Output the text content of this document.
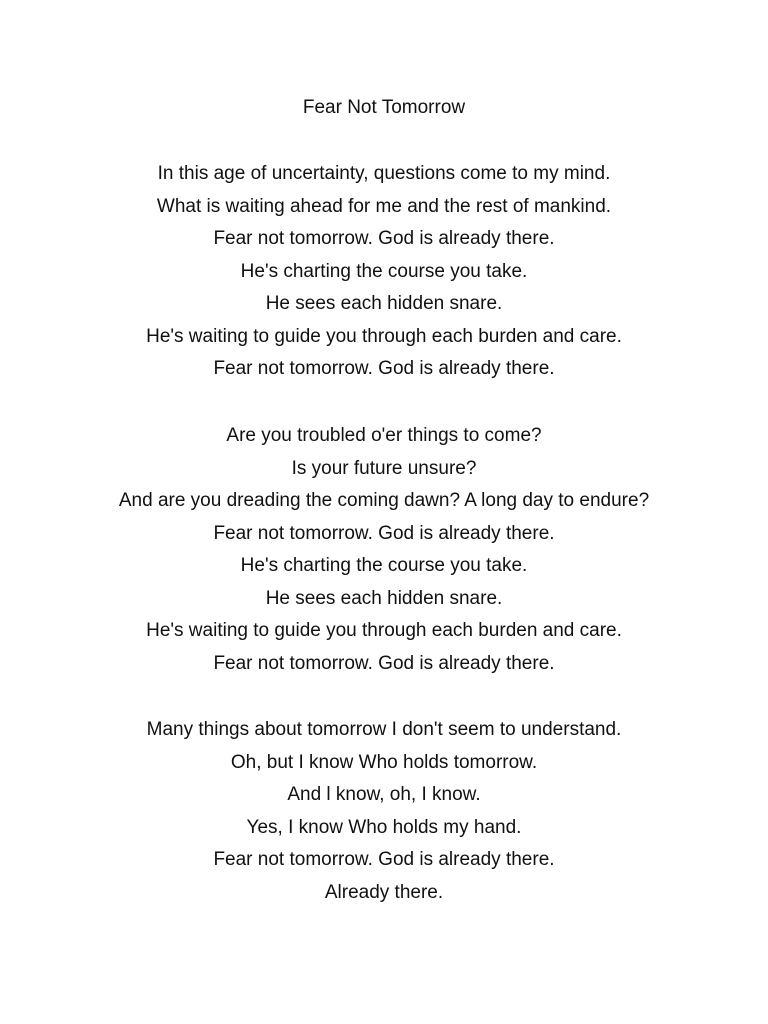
Fear Not Tomorrow
In this age of uncertainty, questions come to my mind.
What is waiting ahead for me and the rest of mankind.
Fear not tomorrow. God is already there.
He's charting the course you take.
He sees each hidden snare.
He's waiting to guide you through each burden and care.
Fear not tomorrow. God is already there.
Are you troubled o'er things to come?
Is your future unsure?
And are you dreading the coming dawn? A long day to endure?
Fear not tomorrow. God is already there.
He's charting the course you take.
He sees each hidden snare.
He's waiting to guide you through each burden and care.
Fear not tomorrow. God is already there.
Many things about tomorrow I don't seem to understand.
Oh, but I know Who holds tomorrow.
And l know, oh, I know.
Yes, I know Who holds my hand.
Fear not tomorrow. God is already there.
Already there.
